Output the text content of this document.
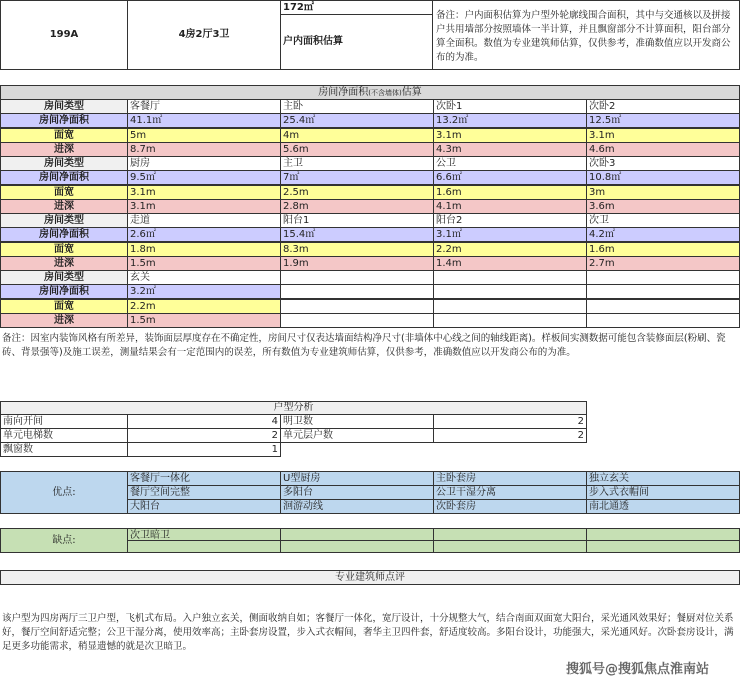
199A	4房2厅3卫
172㎡
户内面积估算
备注：户内面积估算为户型外轮廓线围合面积，其中与交通核以及拼接户共用墙部分按照墙体一半计算，并且飘窗部分不计算面积，阳台部分算全面积。数值为专业建筑师估算，仅供参考，准确数值应以开发商公布的为准。
房间净面积(不含墙体)估算
房间类型	客餐厅	主卧	次卧1	次卧2
房间净面积	41.1㎡	25.4㎡	13.2㎡	12.5㎡
面宽	5m	4m	3.1m	3.1m
进深	8.7m	5.6m	4.3m	4.6m
房间类型	厨房	主卫	公卫	次卧3
房间净面积	9.5㎡	7㎡	6.6㎡	10.8㎡
面宽	3.1m	2.5m	1.6m	3m
进深	3.1m	2.8m	4.1m	3.6m
房间类型	走道	阳台1	阳台2	次卫
房间净面积	2.6㎡	15.4㎡	3.1㎡	4.2㎡
面宽	1.8m	8.3m	2.2m	1.6m
进深	1.5m	1.9m	1.4m	2.7m
房间类型	玄关
房间净面积	3.2㎡
面宽	2.2m
进深	1.5m
备注：因室内装饰风格有所差异，装饰面层厚度存在不确定性，房间尺寸仅表达墙面结构净尺寸(非墙体中心线之间的轴线距离)。样板间实测数据可能包含装修面层(粉刷、瓷砖、背景强等)及施工误差，测量结果会有一定范围内的误差，所有数值为专业建筑师估算，仅供参考，准确数值应以开发商公布的为准。
户型分析
南向开间	4 明卫数	2
单元电梯数	2 单元层户数	2
飘窗数	1
优点:
客餐厅一体化	U型厨房	主卧套房	独立玄关
餐厅空间完整	多阳台	公卫干湿分离	步入式衣帽间
大阳台	洄游动线	次卧套房	南北通透
缺点:	次卫暗卫
专业建筑师点评
该户型为四房两厅三卫户型，飞机式布局。入户独立玄关，侧面收纳自如；客餐厅一体化，宽厅设计，十分规整大气，结合南面双面宽大阳台，采光通风效果好；餐厨对位关系好，餐厅空间舒适完整；公卫干湿分离，使用效率高；主卧套房设置，步入式衣帽间，奢华主卫四件套，舒适度较高。多阳台设计，功能强大，采光通风好。次卧套房设计，满足更多功能需求，稍显遗憾的就是次卫暗卫。
搜狐号@搜狐焦点淮南站
